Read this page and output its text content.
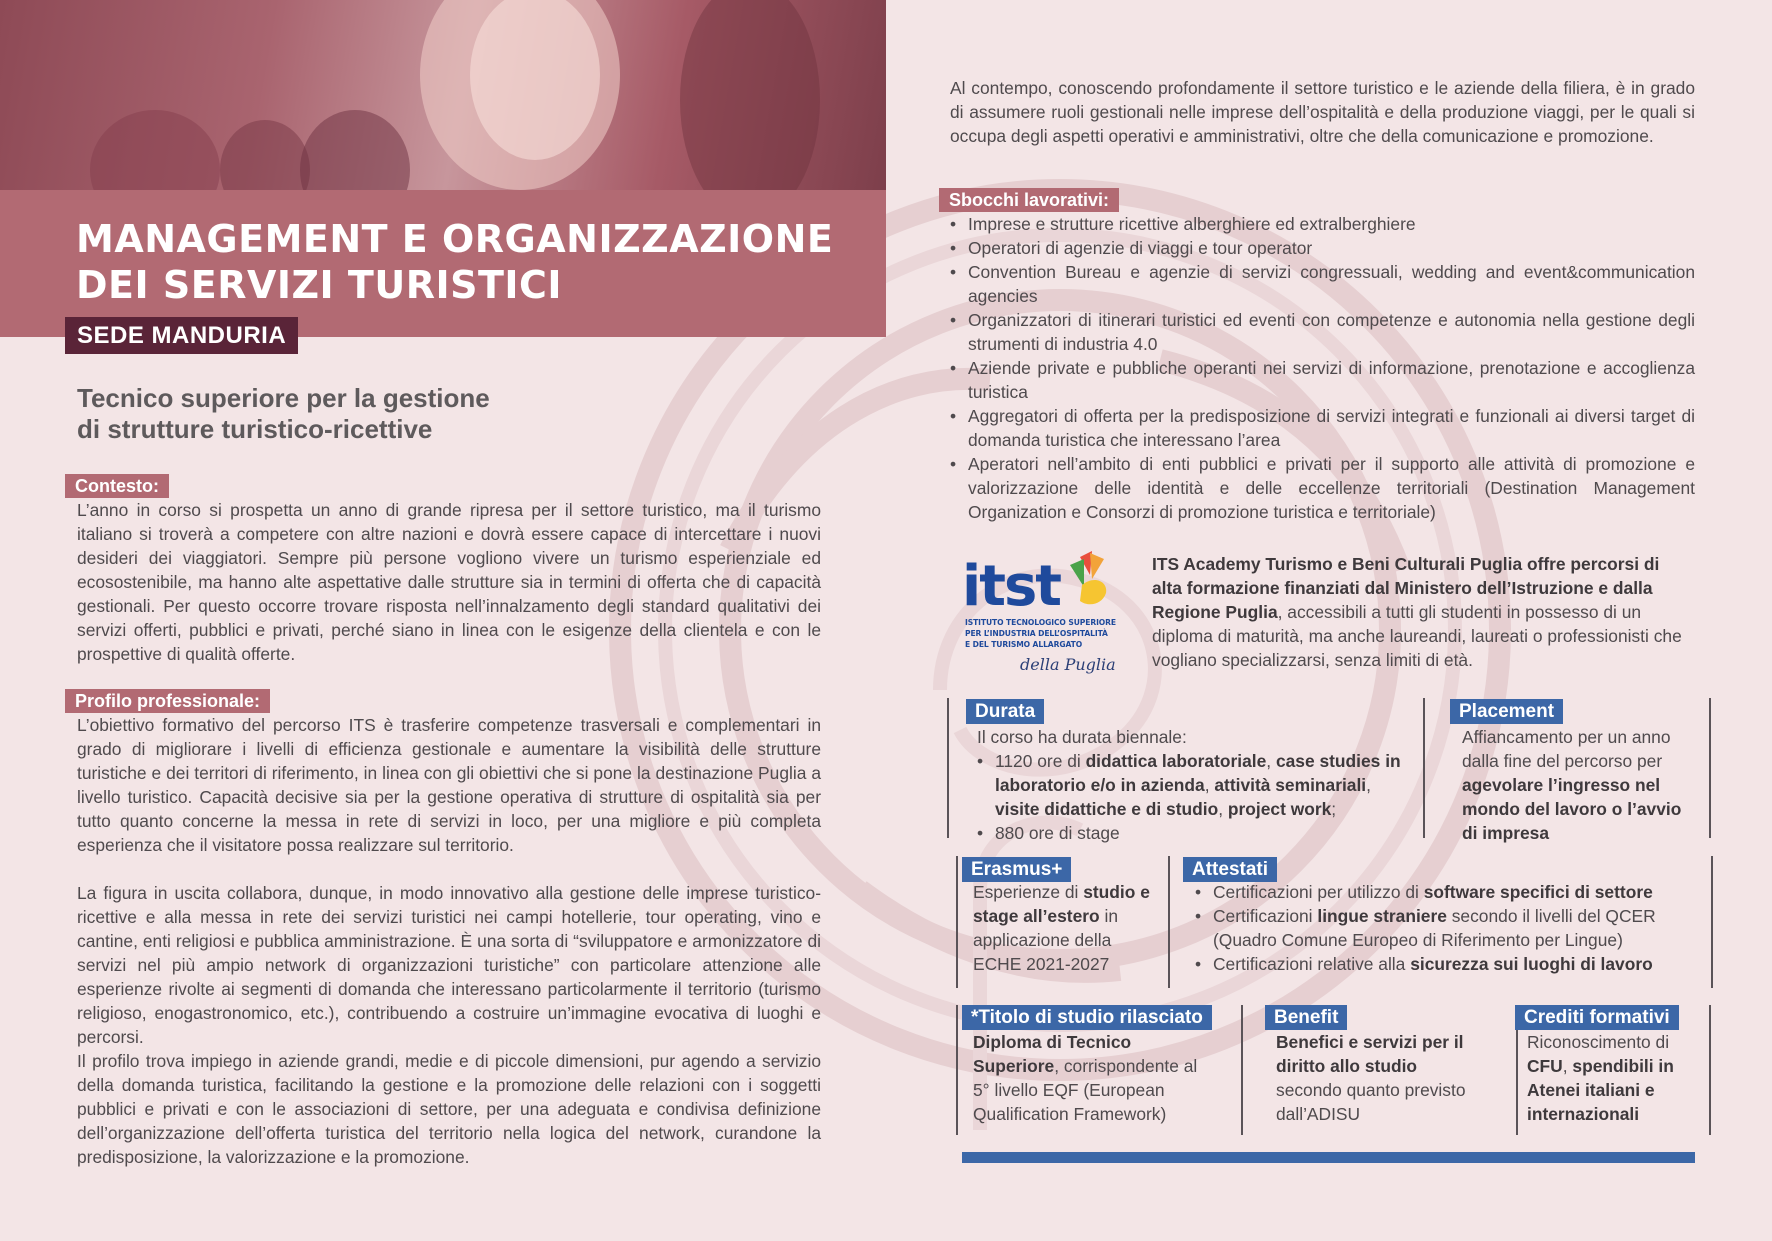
MANAGEMENT E ORGANIZZAZIONE
DEI SERVIZI TURISTICI
SEDE MANDURIA
Tecnico superiore per la gestione
di strutture turistico-ricettive
Contesto:

L’anno in corso si prospetta un anno di grande ripresa per il settore turistico, ma il turismo italiano si troverà a competere con altre nazioni e dovrà essere capace di intercettare i nuovi desideri dei viaggiatori. Sempre più persone vogliono vivere un turismo esperienziale ed ecosostenibile, ma hanno alte aspettative dalle strutture sia in termini di offerta che di capacità gestionali. Per questo occorre trovare risposta nell’innalzamento degli standard qualitativi dei servizi offerti, pubblici e privati, perché siano in linea con le esigenze della clientela e con le prospettive di qualità offerte.

Profilo professionale:

L’obiettivo formativo del percorso ITS è trasferire competenze trasversali e complementari in grado di migliorare i livelli di efficienza gestionale e aumentare la visibilità delle strutture turistiche e dei territori di riferimento, in linea con gli obiettivi che si pone la destinazione Puglia a livello turistico. Capacità decisive sia per la gestione operativa di strutture di ospitalità sia per tutto quanto concerne la messa in rete di servizi in loco, per una migliore e più completa esperienza che il visitatore possa realizzare sul territorio.

La figura in uscita collabora, dunque, in modo innovativo alla gestione delle imprese turistico-ricettive e alla messa in rete dei servizi turistici nei campi hotellerie, tour operating, vino e cantine, enti religiosi e pubblica amministrazione. È una sorta di “sviluppatore e armonizzatore di servizi nel più ampio network di organizzazioni turistiche” con particolare attenzione alle esperienze rivolte ai segmenti di domanda che interessano particolarmente il territorio (turismo religioso, enogastronomico, etc.), contribuendo a costruire un’immagine evocativa di luoghi e percorsi.

Il profilo trova impiego in aziende grandi, medie e di piccole dimensioni, pur agendo a servizio della domanda turistica, facilitando la gestione e la promozione delle relazioni con i soggetti pubblici e privati e con le associazioni di settore, per una adeguata e condivisa definizione dell’organizzazione dell’offerta turistica del territorio nella logica del network, curandone la predisposizione, la valorizzazione e la promozione.

Al contempo, conoscendo profondamente il settore turistico e le aziende della filiera, è in grado di assumere ruoli gestionali nelle imprese dell’ospitalità e della produzione viaggi, per le quali si occupa degli aspetti operativi e amministrativi, oltre che della comunicazione e promozione.

Sbocchi lavorativi:
• Imprese e strutture ricettive alberghiere ed extralberghiere
• Operatori di agenzie di viaggi e tour operator
• Convention Bureau e agenzie di servizi congressuali, wedding and event&communication agencies
• Organizzatori di itinerari turistici ed eventi con competenze e autonomia nella gestione degli strumenti di industria 4.0
• Aziende private e pubbliche operanti nei servizi di informazione, prenotazione e accoglienza turistica
• Aggregatori di offerta per la predisposizione di servizi integrati e funzionali ai diversi target di domanda turistica che interessano l’area
• Aperatori nell’ambito di enti pubblici e privati per il supporto alle attività di promozione e valorizzazione delle identità e delle eccellenze territoriali (Destination Management Organization e Consorzi di promozione turistica e territoriale)
itst
ISTITUTO TECNOLOGICO SUPERIORE
PER L’INDUSTRIA DELL’OSPITALITÀ
E DEL TURISMO ALLARGATO
della Puglia

ITS Academy Turismo e Beni Culturali Puglia offre percorsi di alta formazione finanziati dal Ministero dell’Istruzione e dalla Regione Puglia, accessibili a tutti gli studenti in possesso di un diploma di maturità, ma anche laureandi, laureati o professionisti che vogliano specializzarsi, senza limiti di età.

Durata
Il corso ha durata biennale:
• 1120 ore di didattica laboratoriale, case studies in laboratorio e/o in azienda, attività seminariali, visite didattiche e di studio, project work;
• 880 ore di stage
Placement

Affiancamento per un anno dalla fine del percorso per agevolare l’ingresso nel mondo del lavoro o l’avvio di impresa

Erasmus+

Esperienze di studio e stage all’estero in applicazione della ECHE 2021-2027

Attestati
• Certificazioni per utilizzo di software specifici di settore
• Certificazioni lingue straniere secondo il livelli del QCER (Quadro Comune Europeo di Riferimento per Lingue)
• Certificazioni relative alla sicurezza sui luoghi di lavoro
*Titolo di studio rilasciato

Diploma di Tecnico Superiore, corrispondente al 5° livello EQF (European Qualification Framework)

Benefit

Benefici e servizi per il diritto allo studio secondo quanto previsto dall’ADISU

Crediti formativi

Riconoscimento di CFU, spendibili in Atenei italiani e internazionali
